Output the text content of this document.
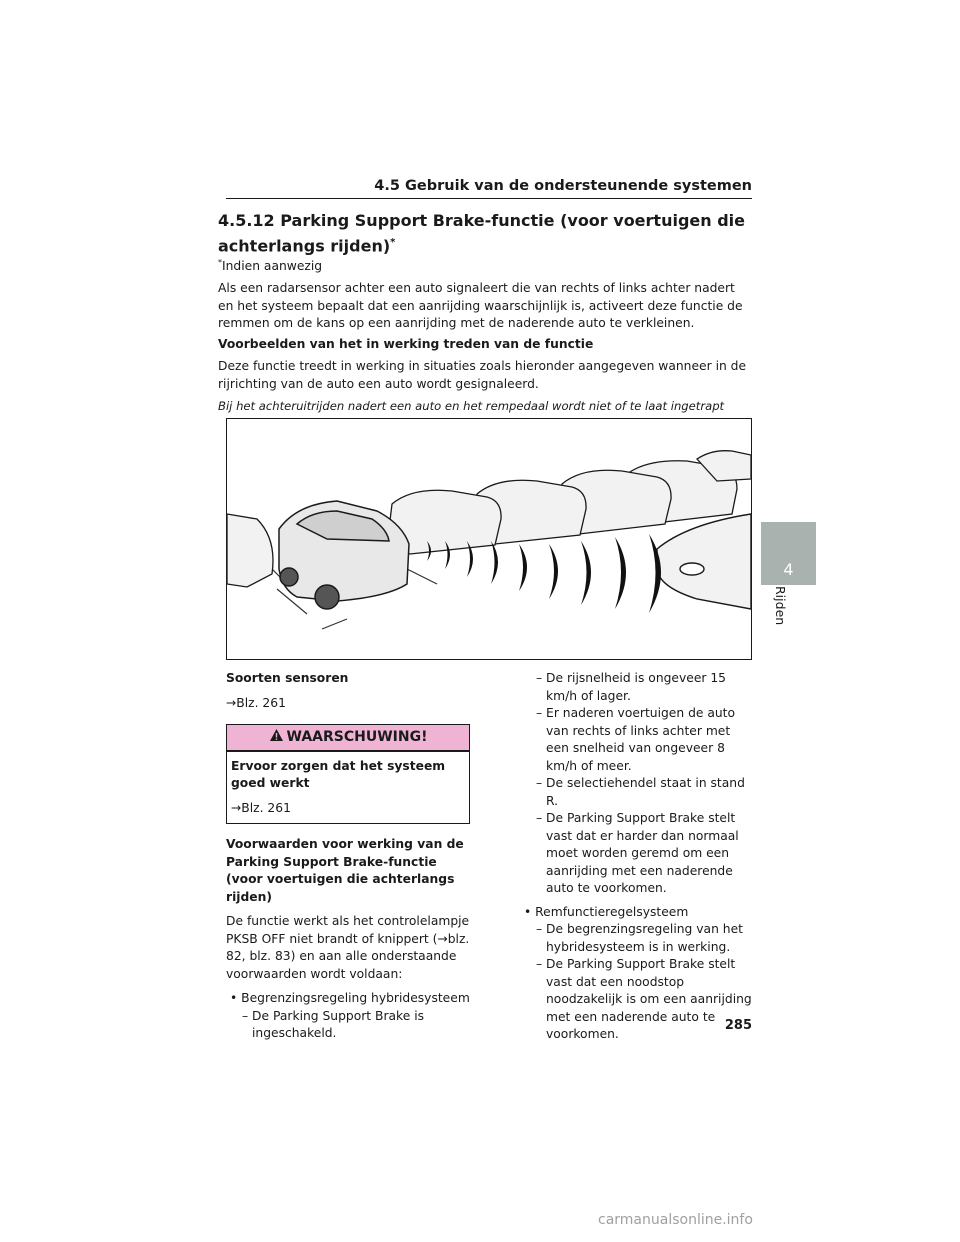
4.5 Gebruik van de ondersteunende systemen
4.5.12 Parking Support Brake-functie (voor voertuigen die achterlangs rijden)*

*Indien aanwezig

Als een radarsensor achter een auto signaleert die van rechts of links achter nadert en het systeem bepaalt dat een aanrijding waarschijnlijk is, activeert deze functie de remmen om de kans op een aanrijding met de naderende auto te verkleinen.

Voorbeelden van het in werking treden van de functie

Deze functie treedt in werking in situaties zoals hieronder aangegeven wanneer in de rijrichting van de auto een auto wordt gesignaleerd.

Bij het achteruitrijden nadert een auto en het rempedaal wordt niet of te laat ingetrapt

Soorten sensoren

→Blz. 261

WAARSCHUWING!

Ervoor zorgen dat het systeem goed werkt

→Blz. 261

Voorwaarden voor werking van de Parking Support Brake-functie (voor voertuigen die achterlangs rijden)

De functie werkt als het controlelampje PKSB OFF niet brandt of knippert (→blz. 82, blz. 83) en aan alle onderstaande voorwaarden wordt voldaan:

• Begrenzingsregeling hybridesysteem

– De Parking Support Brake is ingeschakeld.

– De rijsnelheid is ongeveer 15 km/h of lager.

– Er naderen voertuigen de auto van rechts of links achter met een snelheid van ongeveer 8 km/h of meer.

– De selectiehendel staat in stand R.

– De Parking Support Brake stelt vast dat er harder dan normaal moet worden geremd om een aanrijding met een naderende auto te voorkomen.

• Remfunctieregelsysteem

– De begrenzingsregeling van het hybridesysteem is in werking.

– De Parking Support Brake stelt vast dat een noodstop noodzakelijk is om een aanrijding met een naderende auto te voorkomen.

4
Rijden
285
carmanualsonline.info
